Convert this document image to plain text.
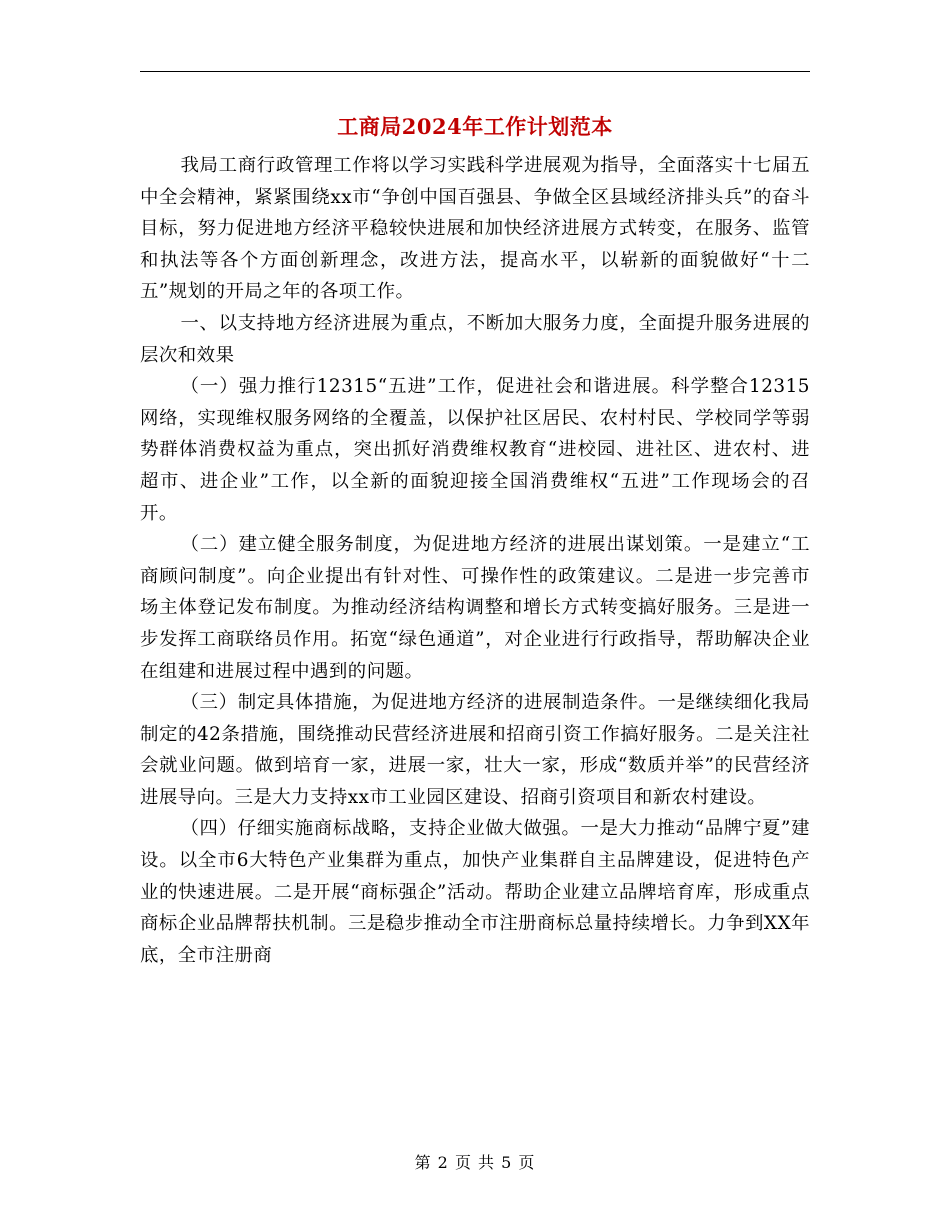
工商局2024年工作计划范本

我局工商行政管理工作将以学习实践科学进展观为指导，全面落实十七届五中全会精神，紧紧围绕xx市“争创中国百强县、争做全区县域经济排头兵”的奋斗目标，努力促进地方经济平稳较快进展和加快经济进展方式转变，在服务、监管和执法等各个方面创新理念，改进方法，提高水平，以崭新的面貌做好“十二五”规划的开局之年的各项工作。

一、以支持地方经济进展为重点，不断加大服务力度，全面提升服务进展的层次和效果

（一）强力推行12315“五进”工作，促进社会和谐进展。科学整合12315网络，实现维权服务网络的全覆盖，以保护社区居民、农村村民、学校同学等弱势群体消费权益为重点，突出抓好消费维权教育“进校园、进社区、进农村、进超市、进企业”工作，以全新的面貌迎接全国消费维权“五进”工作现场会的召开。

（二）建立健全服务制度，为促进地方经济的进展出谋划策。一是建立“工商顾问制度”。向企业提出有针对性、可操作性的政策建议。二是进一步完善市场主体登记发布制度。为推动经济结构调整和增长方式转变搞好服务。三是进一步发挥工商联络员作用。拓宽“绿色通道”，对企业进行行政指导，帮助解决企业在组建和进展过程中遇到的问题。

（三）制定具体措施，为促进地方经济的进展制造条件。一是继续细化我局制定的42条措施，围绕推动民营经济进展和招商引资工作搞好服务。二是关注社会就业问题。做到培育一家，进展一家，壮大一家，形成“数质并举”的民营经济进展导向。三是大力支持xx市工业园区建设、招商引资项目和新农村建设。

（四）仔细实施商标战略，支持企业做大做强。一是大力推动“品牌宁夏”建设。以全市6大特色产业集群为重点，加快产业集群自主品牌建设，促进特色产业的快速进展。二是开展“商标强企”活动。帮助企业建立品牌培育库，形成重点商标企业品牌帮扶机制。三是稳步推动全市注册商标总量持续增长。力争到XX年底，全市注册商

第 2 页 共 5 页
